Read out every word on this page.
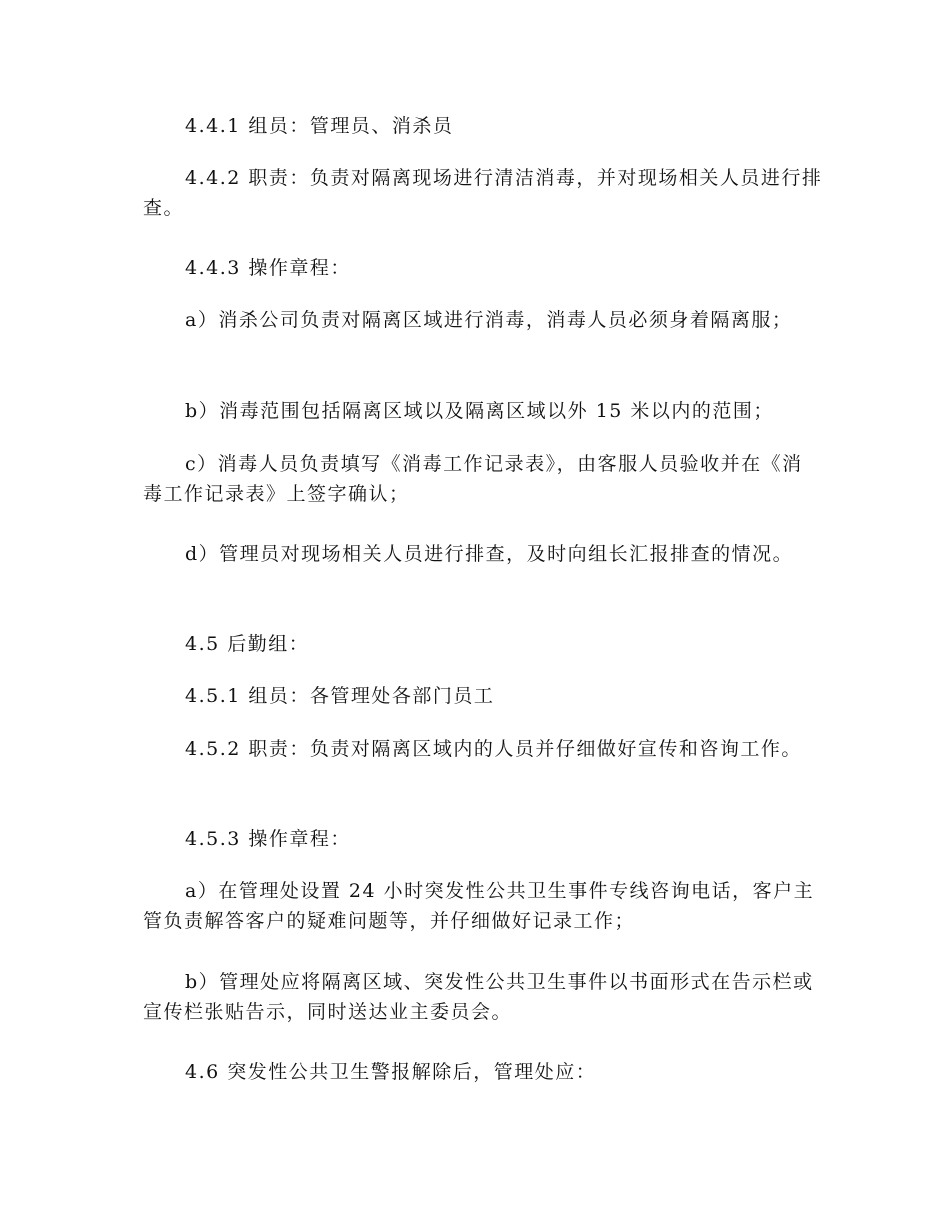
4.4.1 组员：管理员、消杀员

4.4.2 职责：负责对隔离现场进行清洁消毒，并对现场相关人员进行排查。

4.4.3 操作章程：

a）消杀公司负责对隔离区域进行消毒，消毒人员必须身着隔离服；

b）消毒范围包括隔离区域以及隔离区域以外 15 米以内的范围；

c）消毒人员负责填写《消毒工作记录表》，由客服人员验收并在《消毒工作记录表》上签字确认；

d）管理员对现场相关人员进行排查，及时向组长汇报排查的情况。

4.5 后勤组：

4.5.1 组员：各管理处各部门员工

4.5.2 职责：负责对隔离区域内的人员并仔细做好宣传和咨询工作。

4.5.3 操作章程：

a）在管理处设置 24 小时突发性公共卫生事件专线咨询电话，客户主管负责解答客户的疑难问题等，并仔细做好记录工作；

b）管理处应将隔离区域、突发性公共卫生事件以书面形式在告示栏或宣传栏张贴告示，同时送达业主委员会。

4.6 突发性公共卫生警报解除后，管理处应：
